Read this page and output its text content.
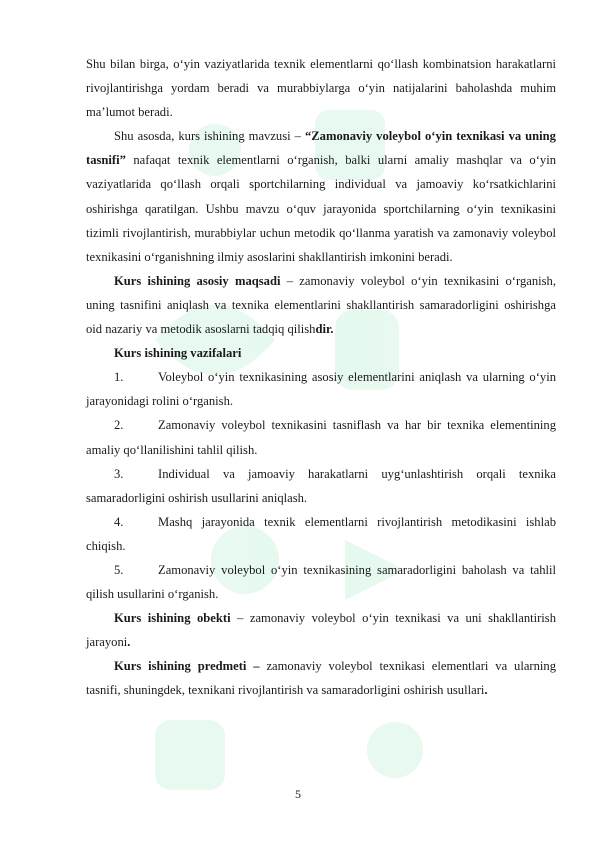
Shu bilan birga, o‘yin vaziyatlarida texnik elementlarni qo‘llash kombinatsion harakatlarni rivojlantirishga yordam beradi va murabbiylarga o‘yin natijalarini baholashda muhim ma’lumot beradi.

Shu asosda, kurs ishining mavzusi – “Zamonaviy voleybol o‘yin texnikasi va uning tasnifi” nafaqat texnik elementlarni o‘rganish, balki ularni amaliy mashqlar va o‘yin vaziyatlarida qo‘llash orqali sportchilarning individual va jamoaviy ko‘rsatkichlarini oshirishga qaratilgan. Ushbu mavzu o‘quv jarayonida sportchilarning o‘yin texnikasini tizimli rivojlantirish, murabbiylar uchun metodik qo‘llanma yaratish va zamonaviy voleybol texnikasini o‘rganishning ilmiy asoslarini shakllantirish imkonini beradi.

Kurs ishining asosiy maqsadi – zamonaviy voleybol o‘yin texnikasini o‘rganish, uning tasnifini aniqlash va texnika elementlarini shakllantirish samaradorligini oshirishga oid nazariy va metodik asoslarni tadqiq qilishdir.

Kurs ishining vazifalari

1.	Voleybol o‘yin texnikasining asosiy elementlarini aniqlash va ularning o‘yin jarayonidagi rolini o‘rganish.

2.	Zamonaviy voleybol texnikasini tasniflash va har bir texnika elementining amaliy qo‘llanilishini tahlil qilish.

3.	Individual va jamoaviy harakatlarni uyg‘unlashtirish orqali texnika samaradorligini oshirish usullarini aniqlash.

4.	Mashq jarayonida texnik elementlarni rivojlantirish metodikasini ishlab chiqish.

5.	Zamonaviy voleybol o‘yin texnikasining samaradorligini baholash va tahlil qilish usullarini o‘rganish.

Kurs ishining obekti – zamonaviy voleybol o‘yin texnikasi va uni shakllantirish jarayoni.

Kurs ishining predmeti – zamonaviy voleybol texnikasi elementlari va ularning tasnifi, shuningdek, texnikani rivojlantirish va samaradorligini oshirish usullari.

5
